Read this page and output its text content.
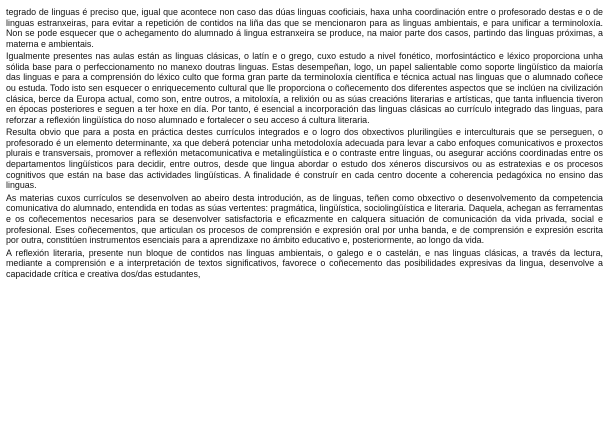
tegrado de linguas é preciso que, igual que acontece non caso das dúas linguas cooficiais, haxa unha coordinación entre o profesorado destas e o de linguas estranxeiras, para evitar a repetición de contidos na liña das que se mencionaron para as linguas ambientais, e para unificar a terminoloxía. Non se pode esquecer que o achegamento do alumnado á lingua estranxeira se produce, na maior parte dos casos, partindo das linguas próximas, a materna e ambientais.

Igualmente presentes nas aulas están as linguas clásicas, o latín e o grego, cuxo estudo a nivel fonético, morfosintáctico e léxico proporciona unha sólida base para o perfeccionamento no manexo doutras linguas. Estas desempeñan, logo, un papel salientable como soporte lingüístico da maioría das linguas e para a comprensión do léxico culto que forma gran parte da terminoloxía científica e técnica actual nas linguas que o alumnado coñece ou estuda. Todo isto sen esquecer o enriquecemento cultural que lle proporciona o coñecemento dos diferentes aspectos que se inclúen na civilización clásica, berce da Europa actual, como son, entre outros, a mitoloxía, a relixión ou as súas creacións literarias e artísticas, que tanta influencia tiveron en épocas posteriores e seguen a ter hoxe en día. Por tanto, é esencial a incorporación das linguas clásicas ao currículo integrado das linguas, para reforzar a reflexión lingüística do noso alumnado e fortalecer o seu acceso á cultura literaria.

Resulta obvio que para a posta en práctica destes currículos integrados e o logro dos obxectivos plurilingües e interculturais que se perseguen, o profesorado é un elemento determinante, xa que deberá potenciar unha metodoloxía adecuada para levar a cabo enfoques comunicativos e proxectos plurais e transversais, promover a reflexión metacomunicativa e metalingüística e o contraste entre linguas, ou asegurar accións coordinadas entre os departamentos lingüísticos para decidir, entre outros, desde que lingua abordar o estudo dos xéneros discursivos ou as estratexias e os procesos cognitivos que están na base das actividades lingüísticas. A finalidade é construír en cada centro docente a coherencia pedagóxica no ensino das linguas.

As materias cuxos currículos se desenvolven ao abeiro desta introdución, as de linguas, teñen como obxectivo o desenvolvemento da competencia comunicativa do alumnado, entendida en todas as súas vertentes: pragmática, lingüística, sociolingüística e literaria. Daquela, achegan as ferramentas e os coñecementos necesarios para se desenvolver satisfactoria e eficazmente en calquera situación de comunicación da vida privada, social e profesional. Eses coñecementos, que articulan os procesos de comprensión e expresión oral por unha banda, e de comprensión e expresión escrita por outra, constitúen instrumentos esenciais para a aprendizaxe no ámbito educativo e, posteriormente, ao longo da vida.

A reflexión literaria, presente nun bloque de contidos nas linguas ambientais, o galego e o castelán, e nas linguas clásicas, a través da lectura, mediante a comprensión e a interpretación de textos significativos, favorece o coñecemento das posibilidades expresivas da lingua, desenvolve a capacidade crítica e creativa dos/das estudantes,
